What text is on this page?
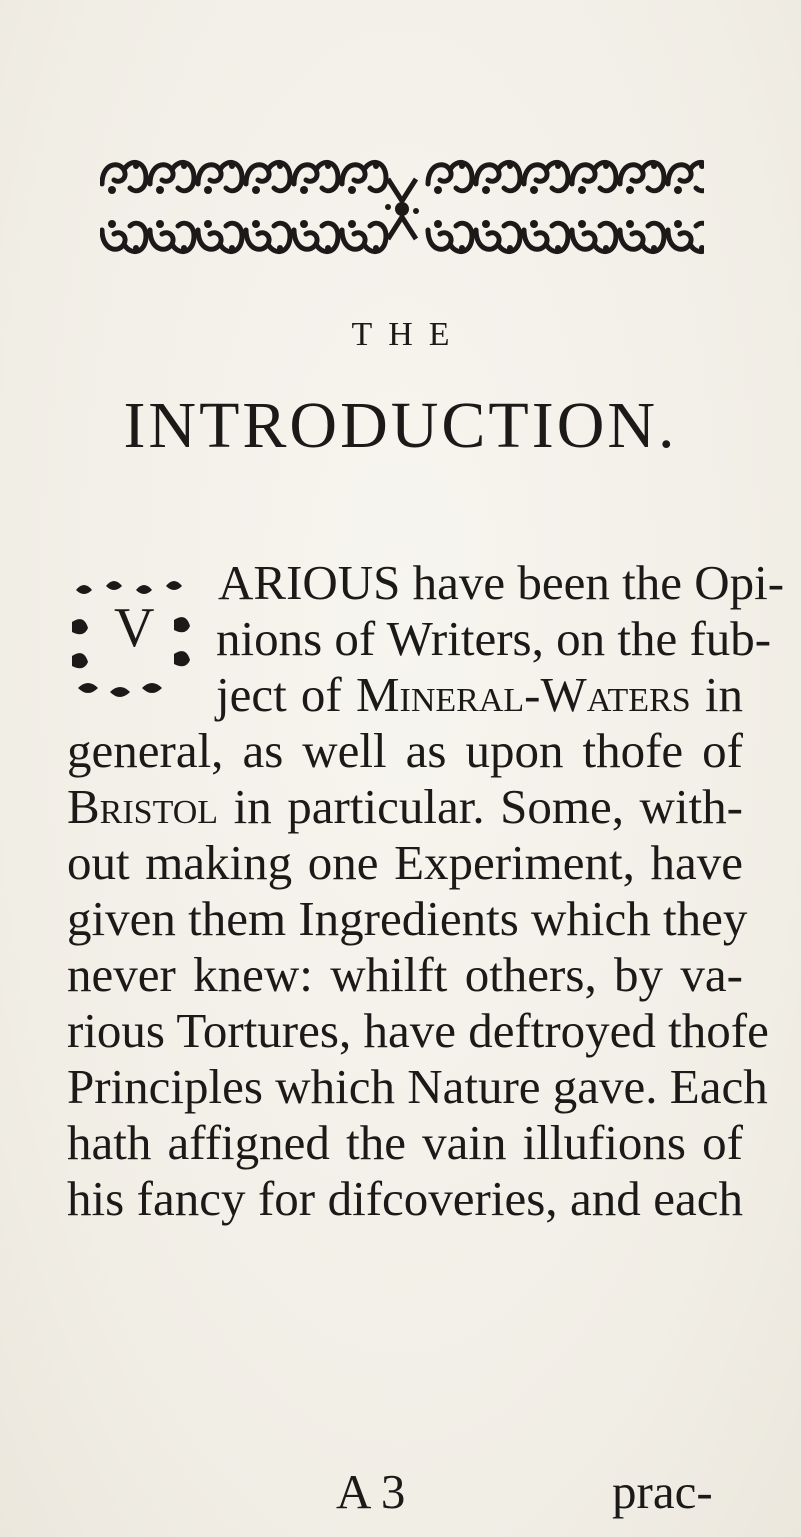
THE
INTRODUCTION.
V
ARIOUS have been the Opi-
nions of Writers, on the fub-
ject of Mineral-Waters in
general, as well as upon thofe of
Bristol in particular. Some, with-
out making one Experiment, have
given them Ingredients which they
never knew: whilft others, by va-
rious Tortures, have deftroyed thofe
Principles which Nature gave. Each
hath affigned the vain illufions of
his fancy for difcoveries, and each
A 3	prac-
